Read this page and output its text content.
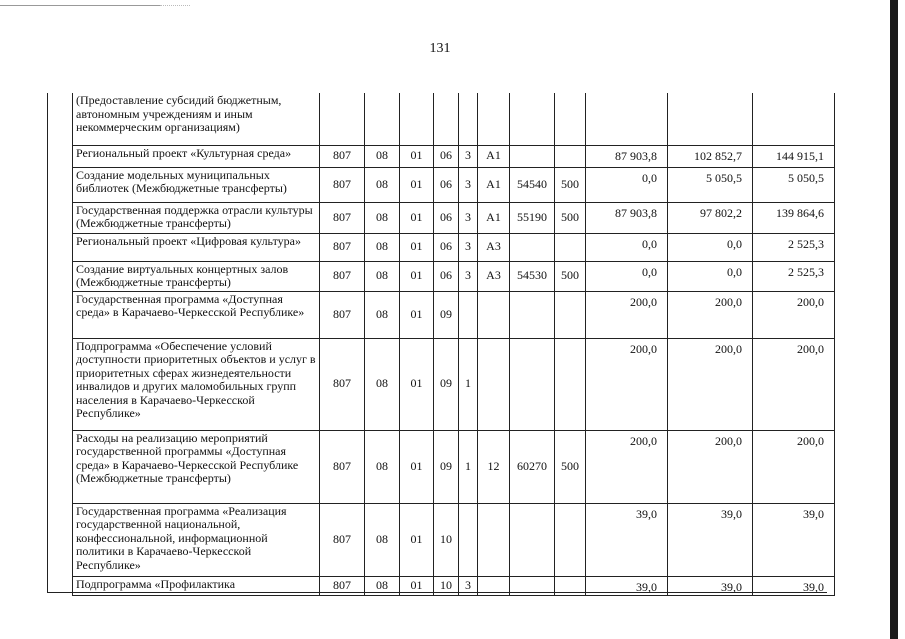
131
(Предоставление субсидий бюджетным, автономным учреждениям и иным некоммерческим организациям)											
Региональный проект «Культурная среда»	807	08	01	06	3	A1			87 903,8	102 852,7	144 915,1
Создание модельных муниципальных библиотек (Межбюджетные трансферты)	807	08	01	06	3	A1	54540	500	0,0	5 050,5	5 050,5
Государственная поддержка отрасли культуры (Межбюджетные трансферты)	807	08	01	06	3	A1	55190	500	87 903,8	97 802,2	139 864,6
Региональный проект «Цифровая культура»	807	08	01	06	3	A3			0,0	0,0	2 525,3
Создание виртуальных концертных залов (Межбюджетные трансферты)	807	08	01	06	3	A3	54530	500	0,0	0,0	2 525,3
Государственная программа «Доступная среда» в Карачаево-Черкесской Республике»	807	08	01	09					200,0	200,0	200,0
Подпрограмма «Обеспечение условий доступности приоритетных объектов и услуг в приоритетных сферах жизнедеятельности инвалидов и других маломобильных групп населения в Карачаево-Черкесской Республике»	807	08	01	09	1				200,0	200,0	200,0
Расходы на реализацию мероприятий государственной программы «Доступная среда» в Карачаево-Черкесской Республике (Межбюджетные трансферты)	807	08	01	09	1	12	60270	500	200,0	200,0	200,0
Государственная программа «Реализация государственной национальной, конфессиональной, информационной политики в Карачаево-Черкесской Республике»	807	08	01	10					39,0	39,0	39,0
Подпрограмма «Профилактика	807	08	01	10	3				39,0	39,0	39,0
